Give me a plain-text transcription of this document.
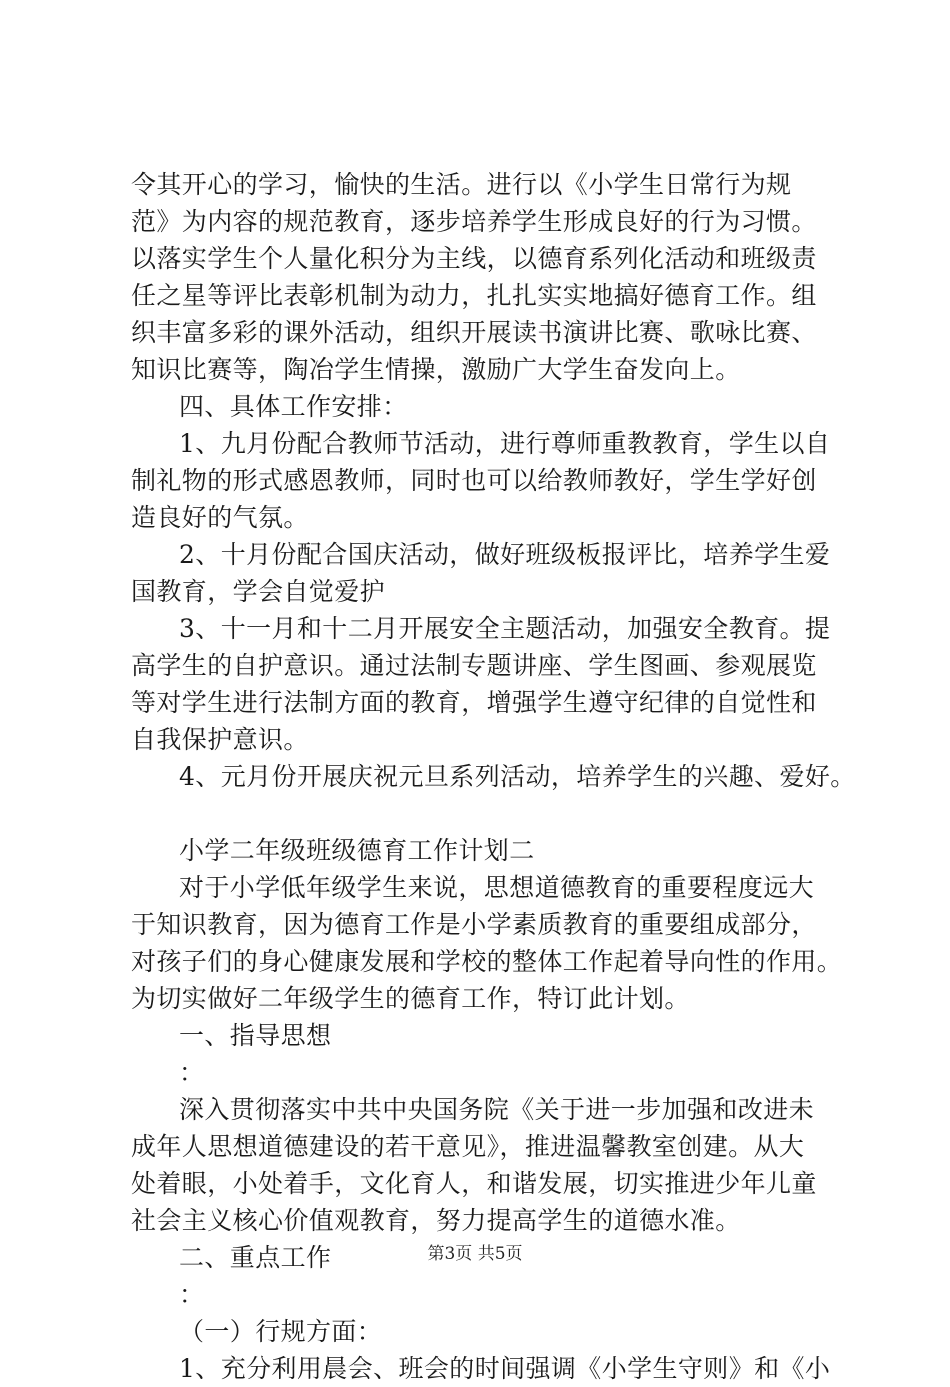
令其开心的学习，愉快的生活。进行以《小学生日常行为规
范》为内容的规范教育，逐步培养学生形成良好的行为习惯。
以落实学生个人量化积分为主线，以德育系列化活动和班级责
任之星等评比表彰机制为动力，扎扎实实地搞好德育工作。组
织丰富多彩的课外活动，组织开展读书演讲比赛、歌咏比赛、
知识比赛等，陶冶学生情操，激励广大学生奋发向上。
四、具体工作安排：
1、九月份配合教师节活动，进行尊师重教教育，学生以自
制礼物的形式感恩教师，同时也可以给教师教好，学生学好创
造良好的气氛。
2、十月份配合国庆活动，做好班级板报评比，培养学生爱
国教育，学会自觉爱护
3、十一月和十二月开展安全主题活动，加强安全教育。提
高学生的自护意识。通过法制专题讲座、学生图画、参观展览
等对学生进行法制方面的教育，增强学生遵守纪律的自觉性和
自我保护意识。
4、元月份开展庆祝元旦系列活动，培养学生的兴趣、爱好。
小学二年级班级德育工作计划二
对于小学低年级学生来说，思想道德教育的重要程度远大
于知识教育，因为德育工作是小学素质教育的重要组成部分，
对孩子们的身心健康发展和学校的整体工作起着导向性的作用。
为切实做好二年级学生的德育工作，特订此计划。
一、指导思想
：
深入贯彻落实中共中央国务院《关于进一步加强和改进未
成年人思想道德建设的若干意见》，推进温馨教室创建。从大
处着眼，小处着手，文化育人，和谐发展，切实推进少年儿童
社会主义核心价值观教育，努力提高学生的道德水准。
二、重点工作
：
（一）行规方面：
1、充分利用晨会、班会的时间强调《小学生守则》和《小
第3页 共5页
